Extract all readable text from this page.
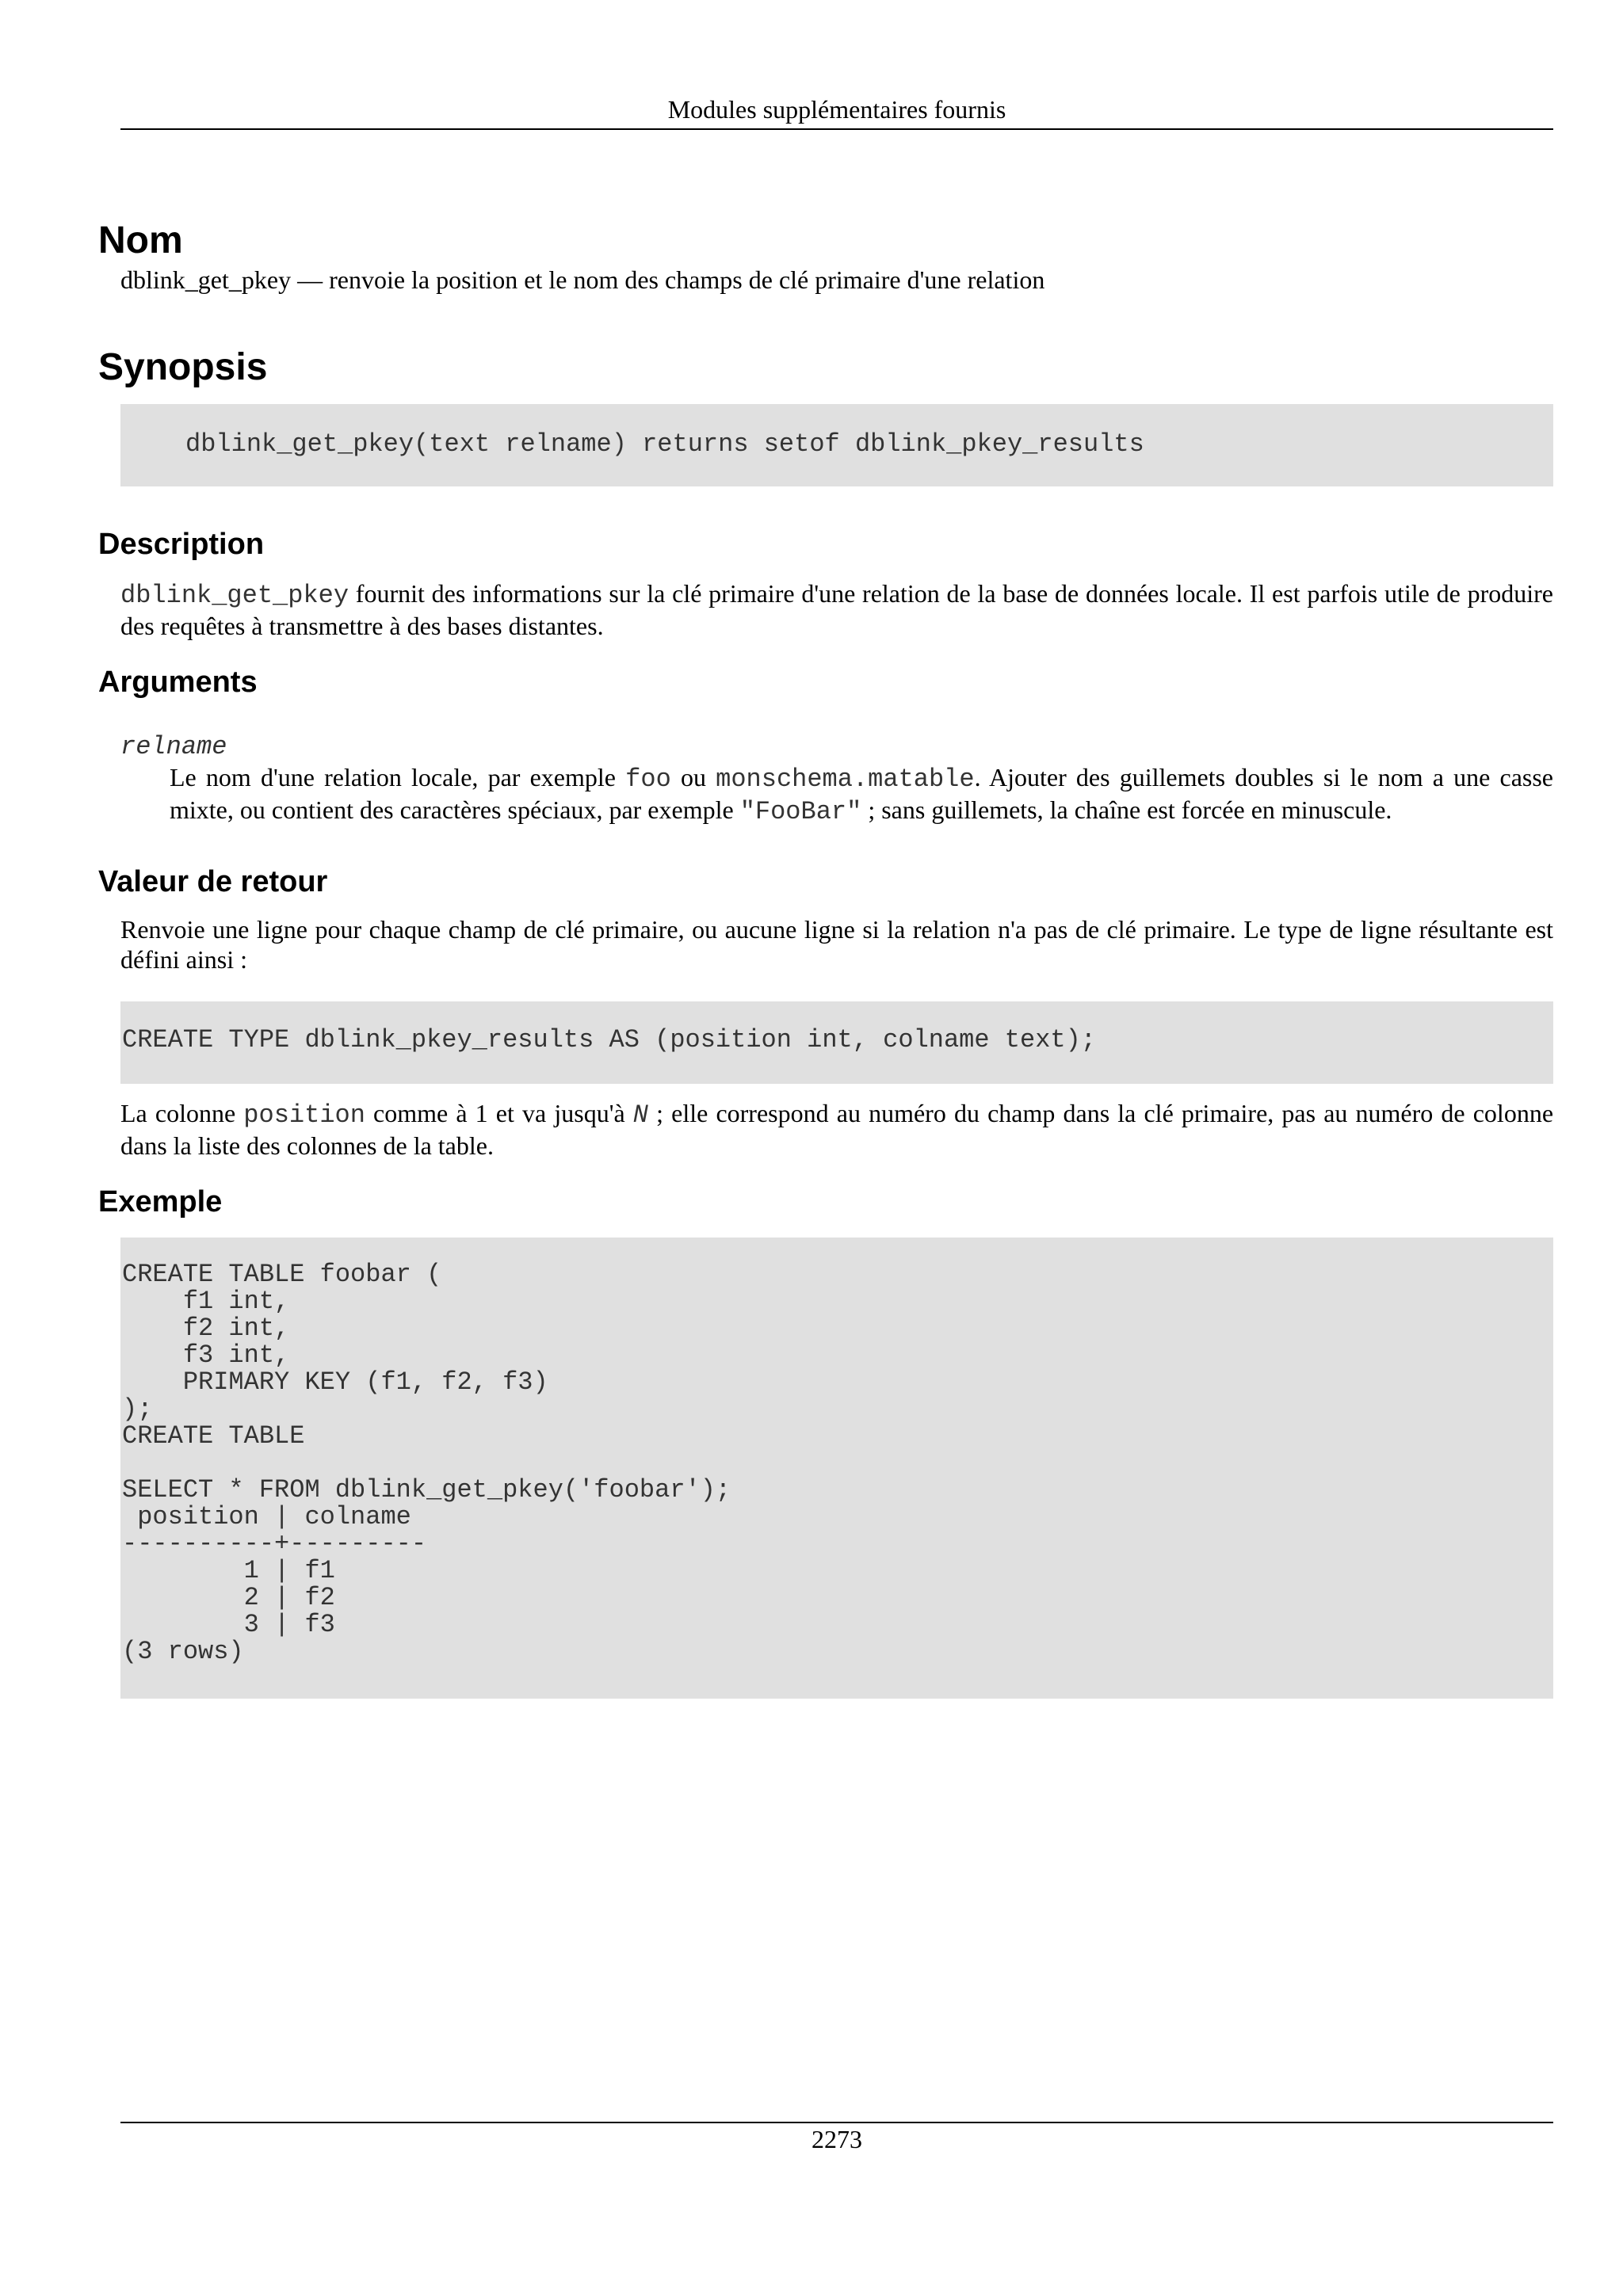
Modules supplémentaires fournis
Nom
dblink_get_pkey — renvoie la position et le nom des champs de clé primaire d'une relation
Synopsis
dblink_get_pkey(text relname) returns setof dblink_pkey_results
Description
dblink_get_pkey fournit des informations sur la clé primaire d'une relation de la base de données locale. Il est parfois utile de produire des requêtes à transmettre à des bases distantes.
Arguments
relname
Le nom d'une relation locale, par exemple foo ou monschema.matable. Ajouter des guillemets doubles si le nom a une casse mixte, ou contient des caractères spéciaux, par exemple "FooBar" ; sans guillemets, la chaîne est forcée en minuscule.
Valeur de retour
Renvoie une ligne pour chaque champ de clé primaire, ou aucune ligne si la relation n'a pas de clé primaire. Le type de ligne résultante est défini ainsi :
CREATE TYPE dblink_pkey_results AS (position int, colname text);
La colonne position comme à 1 et va jusqu'à N ; elle correspond au numéro du champ dans la clé primaire, pas au numéro de colonne dans la liste des colonnes de la table.
Exemple
CREATE TABLE foobar (
f1 int,
f2 int,
f3 int,
PRIMARY KEY (f1, f2, f3)
);
CREATE TABLE

SELECT * FROM dblink_get_pkey('foobar');
position | colname
----------+---------
1 | f1
2 | f2
3 | f3
(3 rows)
2273
